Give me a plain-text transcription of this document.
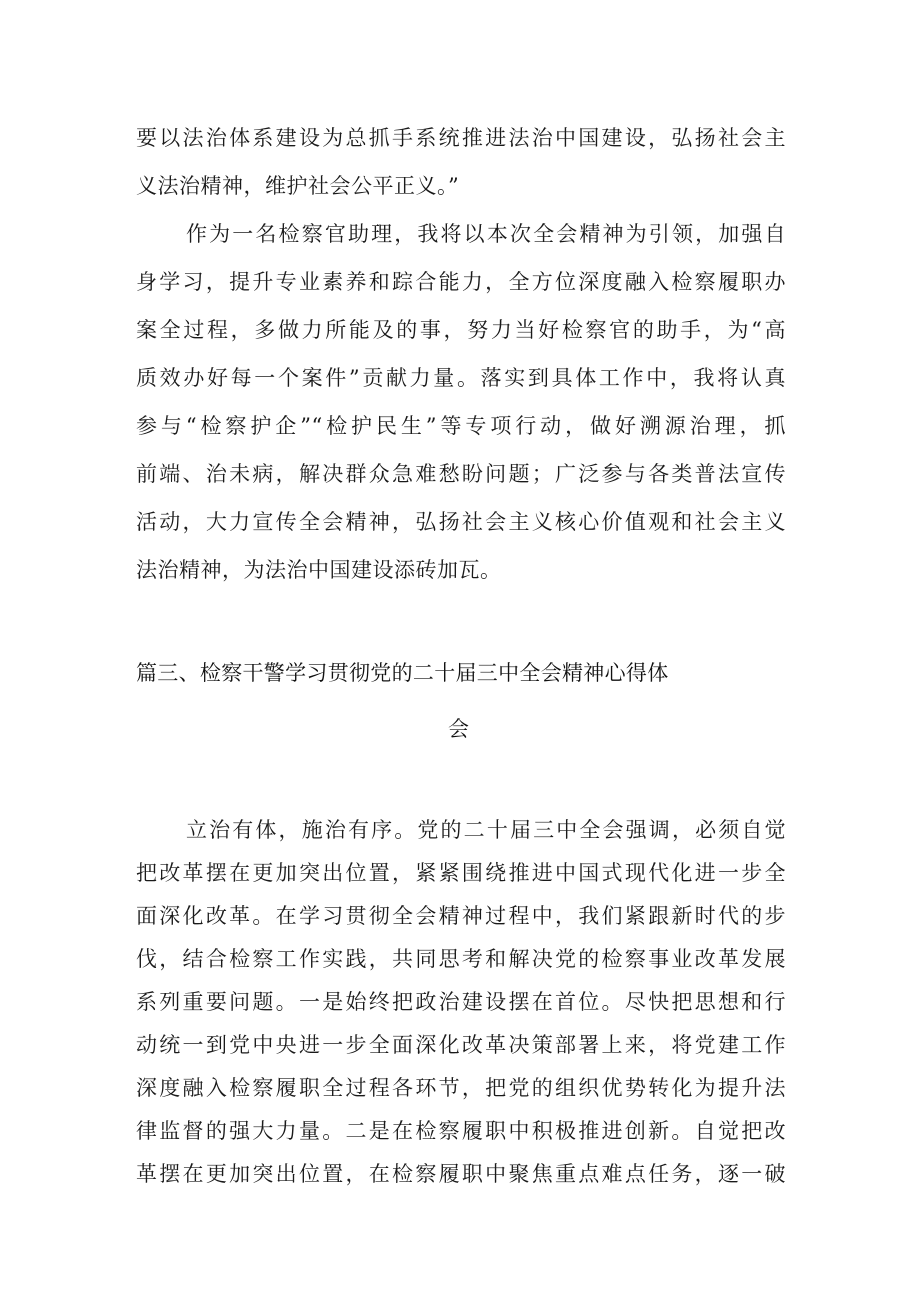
要以法治体系建设为总抓手系统推进法治中国建设，弘扬社会主
义法治精神，维护社会公平正义。”
作为一名检察官助理，我将以本次全会精神为引领，加强自
身学习，提升专业素养和踪合能力，全方位深度融入检察履职办
案全过程，多做力所能及的事，努力当好检察官的助手，为“高
质效办好每一个案件”贡献力量。落实到具体工作中，我将认真
参与“检察护企”“检护民生”等专项行动，做好溯源治理，抓
前端、治未病，解决群众急难愁盼问题；广泛参与各类普法宣传
活动，大力宣传全会精神，弘扬社会主义核心价值观和社会主义
法治精神，为法治中国建设添砖加瓦。
篇三、检察干警学习贯彻党的二十届三中全会精神心得体
会
立治有体，施治有序。党的二十届三中全会强调，必须自觉
把改革摆在更加突出位置，紧紧围绕推进中国式现代化进一步全
面深化改革。在学习贯彻全会精神过程中，我们紧跟新时代的步
伐，结合检察工作实践，共同思考和解决党的检察事业改革发展
系列重要问题。一是始终把政治建设摆在首位。尽快把思想和行
动统一到党中央进一步全面深化改革决策部署上来，将党建工作
深度融入检察履职全过程各环节，把党的组织优势转化为提升法
律监督的强大力量。二是在检察履职中积极推进创新。自觉把改
革摆在更加突出位置，在检察履职中聚焦重点难点任务，逐一破
